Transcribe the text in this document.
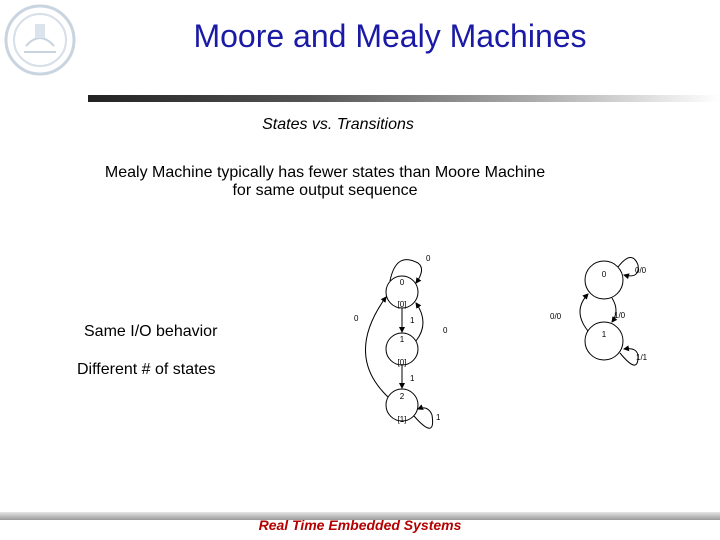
Moore and Mealy Machines
States vs. Transitions
Mealy Machine typically has fewer states than Moore Machine
for same output sequence
Same I/O behavior
Different # of states
0
[0]
1
[0]
2
[1]
0
1
0
1
0
1
0
1
0/0
1/0
0/0
1/1
Real Time Embedded Systems
